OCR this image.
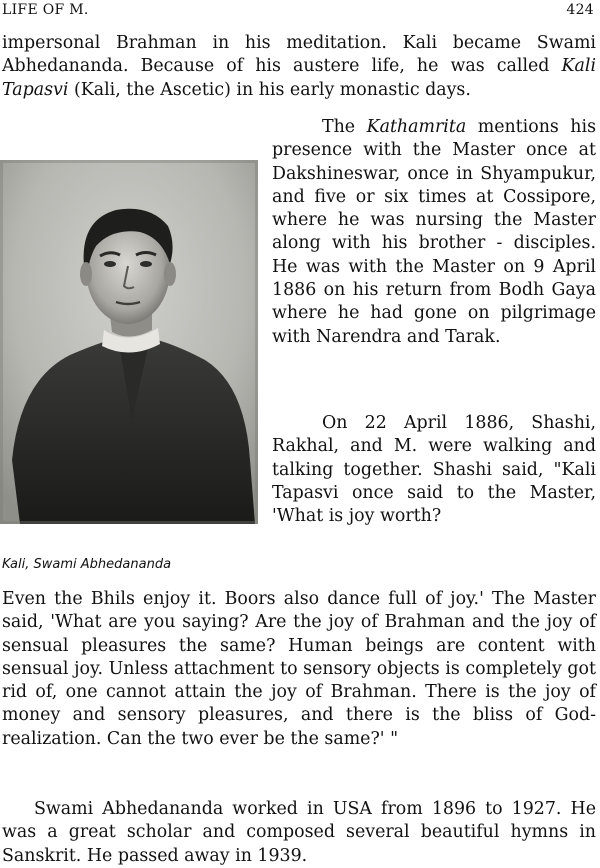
LIFE OF M.	424

impersonal Brahman in his meditation. Kali became Swami Abhedananda. Because of his austere life, he was called Kali Tapasvi (Kali, the Ascetic) in his early monastic days.

The Kathamrita mentions his presence with the Master once at Dakshineswar, once in Shyampukur, and five or six times at Cossipore, where he was nursing the Master along with his brother - disciples. He was with the Master on 9 April 1886 on his return from Bodh Gaya where he had gone on pilgrimage with Narendra and Tarak.

On 22 April 1886, Shashi, Rakhal, and M. were walking and talking together. Shashi said, "Kali Tapasvi once said to the Master, 'What is joy worth?

Kali, Swami Abhedananda

Even the Bhils enjoy it. Boors also dance full of joy.' The Master said, 'What are you saying? Are the joy of Brahman and the joy of sensual pleasures the same? Human beings are content with sensual joy. Unless attachment to sensory objects is completely got rid of, one cannot attain the joy of Brahman. There is the joy of money and sensory pleasures, and there is the bliss of God-realization. Can the two ever be the same?' "

Swami Abhedananda worked in USA from 1896 to 1927. He was a great scholar and composed several beautiful hymns in Sanskrit. He passed away in 1939.
